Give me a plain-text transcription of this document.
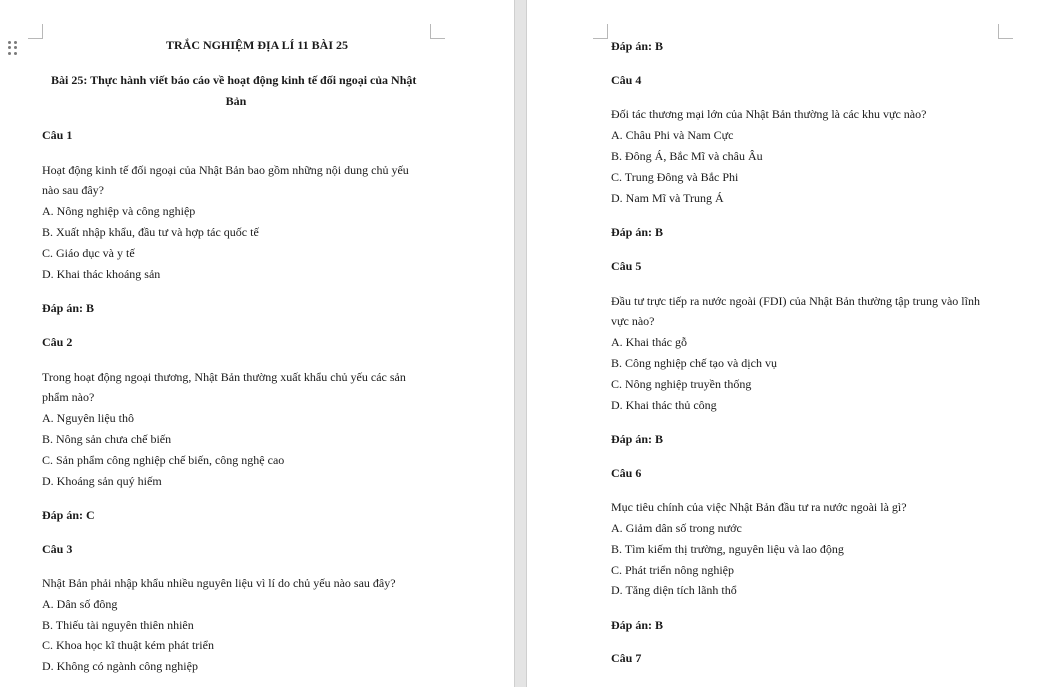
TRẮC NGHIỆM ĐỊA LÍ 11 BÀI 25
Bài 25: Thực hành viết báo cáo về hoạt động kinh tế đối ngoại của Nhật
Bản
Câu 1
Hoạt động kinh tế đối ngoại của Nhật Bản bao gồm những nội dung chủ yếu
nào sau đây?
A. Nông nghiệp và công nghiệp
B. Xuất nhập khẩu, đầu tư và hợp tác quốc tế
C. Giáo dục và y tế
D. Khai thác khoáng sản
Đáp án: B
Câu 2
Trong hoạt động ngoại thương, Nhật Bản thường xuất khẩu chủ yếu các sản
phẩm nào?
A. Nguyên liệu thô
B. Nông sản chưa chế biến
C. Sản phẩm công nghiệp chế biến, công nghệ cao
D. Khoáng sản quý hiếm
Đáp án: C
Câu 3
Nhật Bản phải nhập khẩu nhiều nguyên liệu vì lí do chủ yếu nào sau đây?
A. Dân số đông
B. Thiếu tài nguyên thiên nhiên
C. Khoa học kĩ thuật kém phát triển
D. Không có ngành công nghiệp
Đáp án: B
Câu 4
Đối tác thương mại lớn của Nhật Bản thường là các khu vực nào?
A. Châu Phi và Nam Cực
B. Đông Á, Bắc Mĩ và châu Âu
C. Trung Đông và Bắc Phi
D. Nam Mĩ và Trung Á
Đáp án: B
Câu 5
Đầu tư trực tiếp ra nước ngoài (FDI) của Nhật Bản thường tập trung vào lĩnh
vực nào?
A. Khai thác gỗ
B. Công nghiệp chế tạo và dịch vụ
C. Nông nghiệp truyền thống
D. Khai thác thủ công
Đáp án: B
Câu 6
Mục tiêu chính của việc Nhật Bản đầu tư ra nước ngoài là gì?
A. Giảm dân số trong nước
B. Tìm kiếm thị trường, nguyên liệu và lao động
C. Phát triển nông nghiệp
D. Tăng diện tích lãnh thổ
Đáp án: B
Câu 7
